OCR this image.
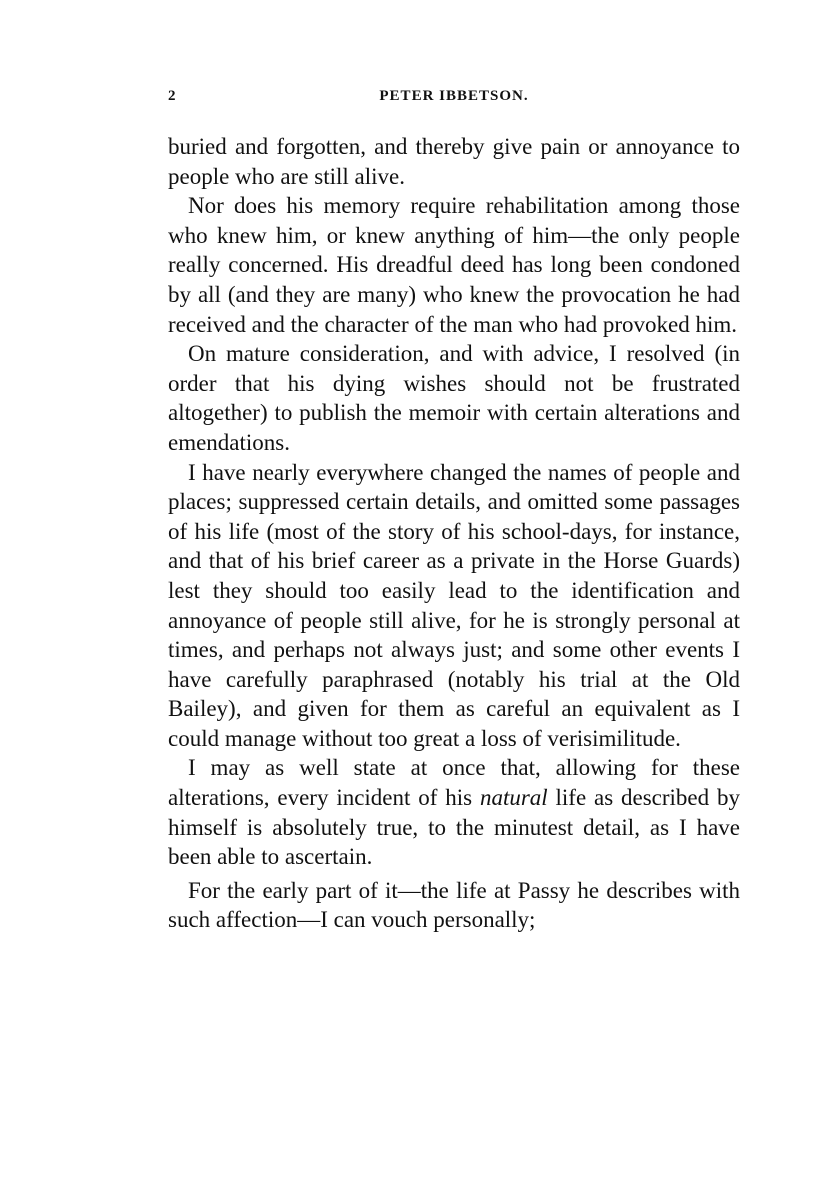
2	PETER IBBETSON.

buried and forgotten, and thereby give pain or annoyance to people who are still alive.

Nor does his memory require rehabilitation among those who knew him, or knew anything of him—the only people really concerned. His dreadful deed has long been condoned by all (and they are many) who knew the provocation he had received and the character of the man who had provoked him.

On mature consideration, and with advice, I resolved (in order that his dying wishes should not be frustrated altogether) to publish the memoir with certain alterations and emendations.

I have nearly everywhere changed the names of people and places; suppressed certain details, and omitted some passages of his life (most of the story of his school-days, for instance, and that of his brief career as a private in the Horse Guards) lest they should too easily lead to the identification and annoyance of people still alive, for he is strongly personal at times, and perhaps not always just; and some other events I have carefully paraphrased (notably his trial at the Old Bailey), and given for them as careful an equivalent as I could manage without too great a loss of verisimilitude.

I may as well state at once that, allowing for these alterations, every incident of his natural life as described by himself is absolutely true, to the minutest detail, as I have been able to ascertain.

For the early part of it—the life at Passy he describes with such affection—I can vouch personally;
